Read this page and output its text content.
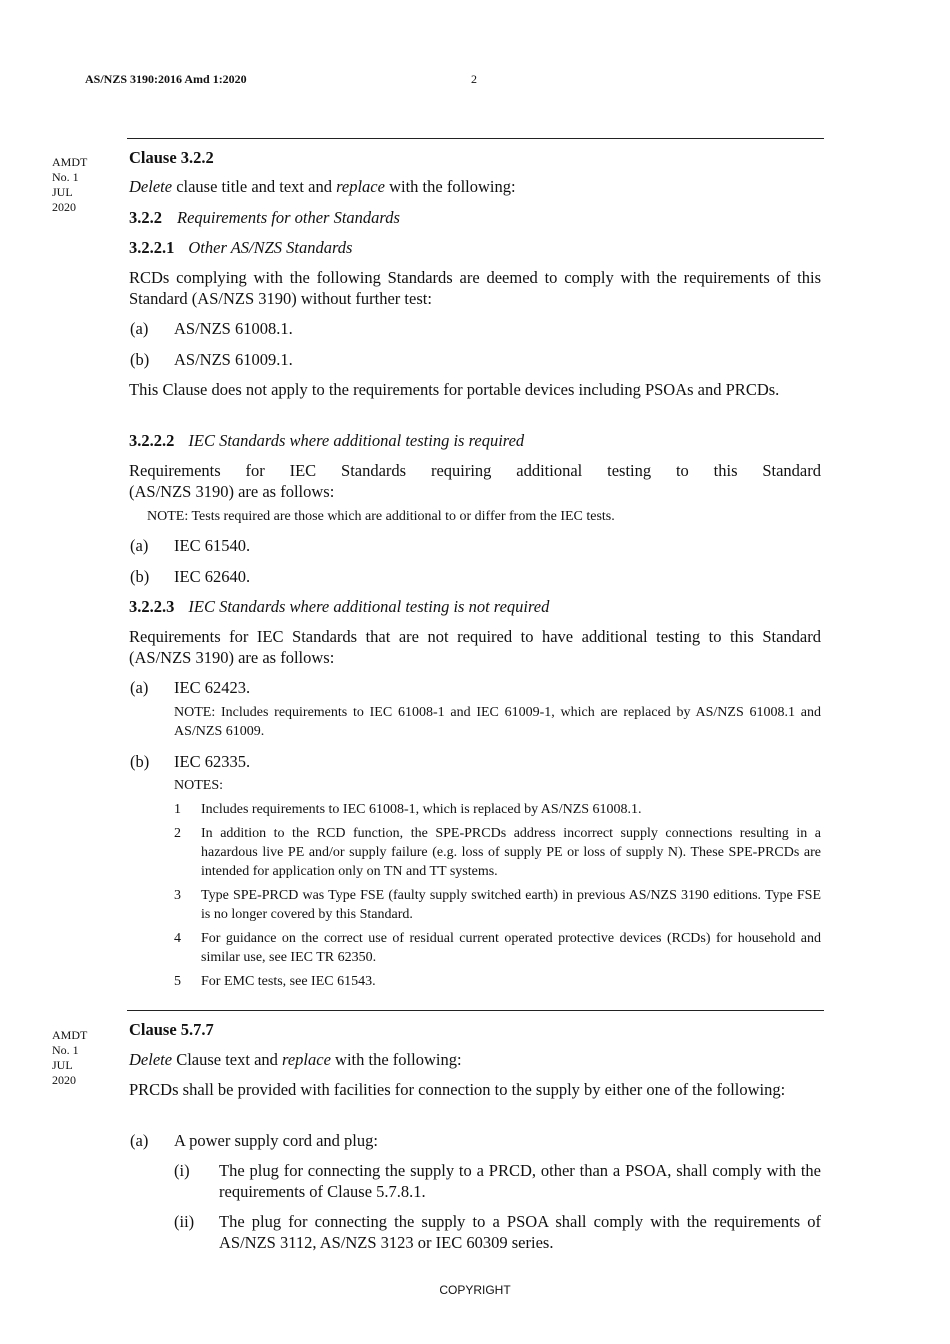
AS/NZS 3190:2016 Amd 1:2020	2
AMDT
No. 1
JUL
2020
Clause 3.2.2
Delete clause title and text and replace with the following:
3.2.2 Requirements for other Standards
3.2.2.1 Other AS/NZS Standards
RCDs complying with the following Standards are deemed to comply with the requirements of this Standard (AS/NZS 3190) without further test:
(a) AS/NZS 61008.1.
(b) AS/NZS 61009.1.
This Clause does not apply to the requirements for portable devices including PSOAs and PRCDs.
3.2.2.2 IEC Standards where additional testing is required
Requirements for IEC Standards requiring additional testing to this Standard
(AS/NZS 3190) are as follows:
NOTE: Tests required are those which are additional to or differ from the IEC tests.
(a) IEC 61540.
(b) IEC 62640.
3.2.2.3 IEC Standards where additional testing is not required
Requirements for IEC Standards that are not required to have additional testing to this Standard (AS/NZS 3190) are as follows:
(a) IEC 62423.
NOTE: Includes requirements to IEC 61008-1 and IEC 61009-1, which are replaced by AS/NZS 61008.1 and AS/NZS 61009.
(b) IEC 62335.
NOTES:
1 Includes requirements to IEC 61008-1, which is replaced by AS/NZS 61008.1.
2 In addition to the RCD function, the SPE-PRCDs address incorrect supply connections resulting in a hazardous live PE and/or supply failure (e.g. loss of supply PE or loss of supply N). These SPE-PRCDs are intended for application only on TN and TT systems.
3 Type SPE-PRCD was Type FSE (faulty supply switched earth) in previous AS/NZS 3190 editions. Type FSE is no longer covered by this Standard.
4 For guidance on the correct use of residual current operated protective devices (RCDs) for household and similar use, see IEC TR 62350.
5 For EMC tests, see IEC 61543.
AMDT
No. 1
JUL
2020
Clause 5.7.7
Delete Clause text and replace with the following:
PRCDs shall be provided with facilities for connection to the supply by either one of the following:
(a) A power supply cord and plug:
(i) The plug for connecting the supply to a PRCD, other than a PSOA, shall comply with the requirements of Clause 5.7.8.1.
(ii) The plug for connecting the supply to a PSOA shall comply with the requirements of AS/NZS 3112, AS/NZS 3123 or IEC 60309 series.
COPYRIGHT
